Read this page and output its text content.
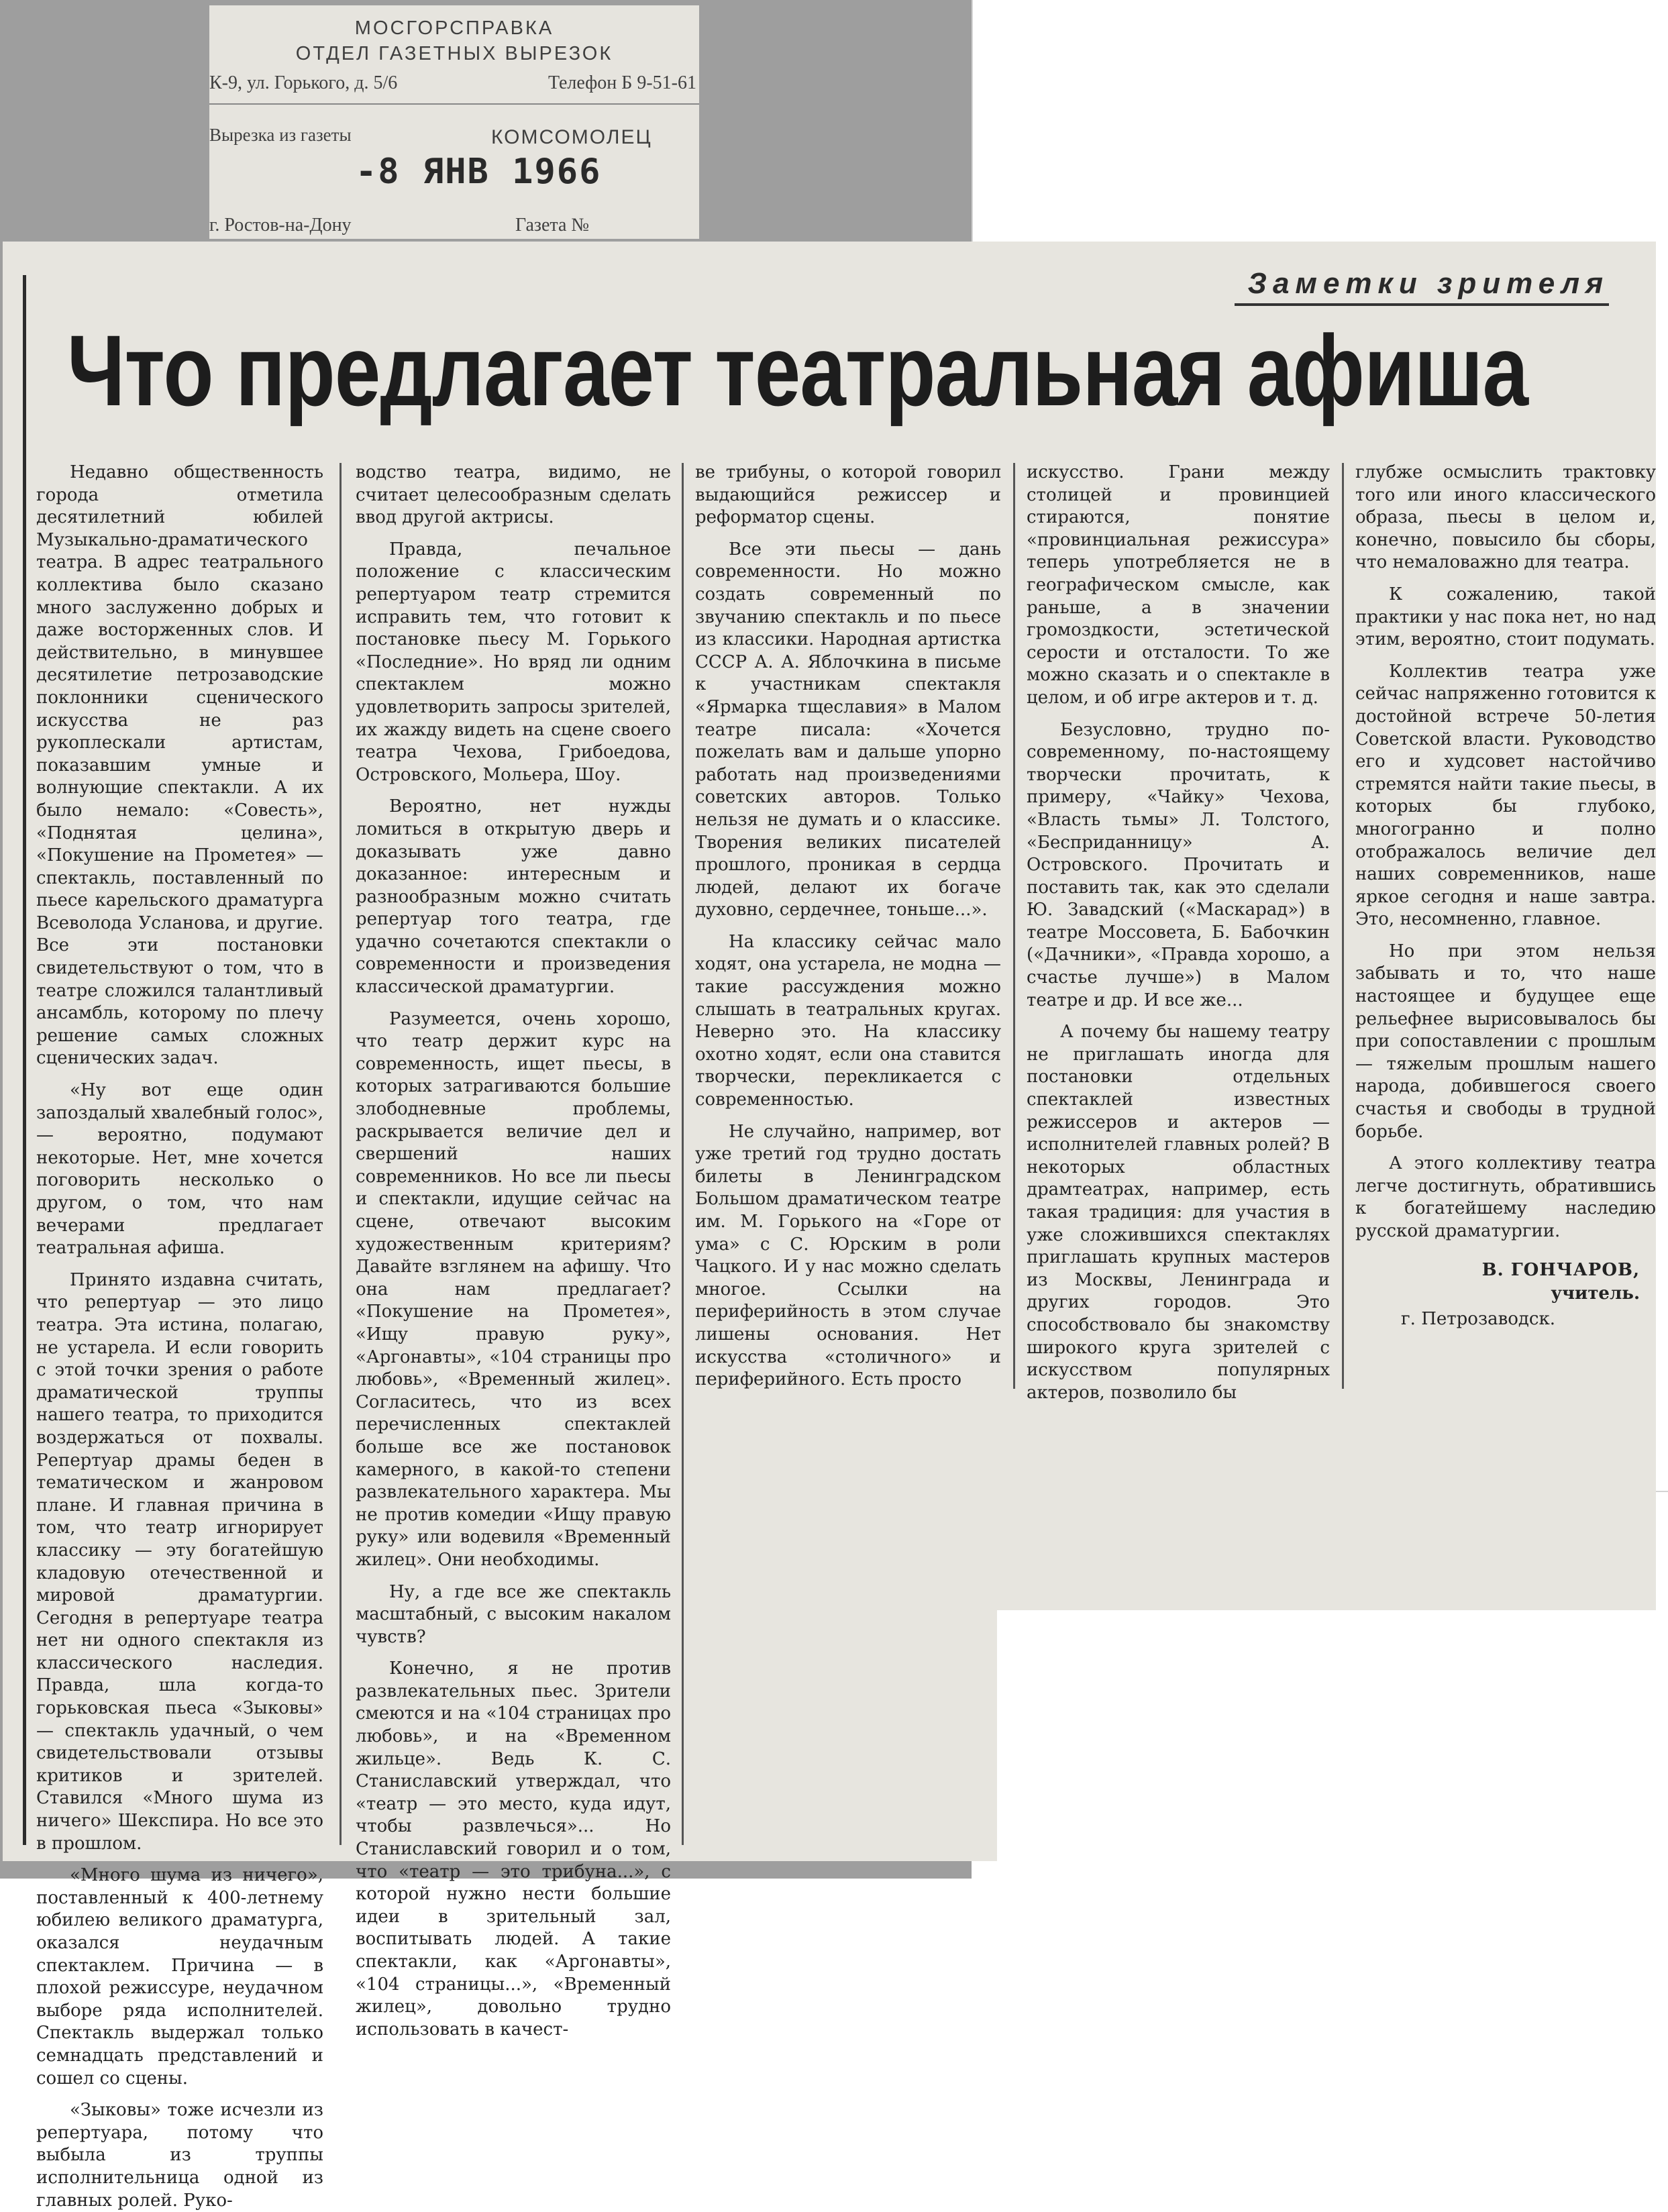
МОСГОРСПРАВКА
ОТДЕЛ ГАЗЕТНЫХ ВЫРЕЗОК
К-9, ул. Горького, д. 5/6	Телефон Б 9-51-61
Вырезка из газеты	КОМСОМОЛЕЦ
-8 ЯНВ 1966
г. Ростов-на-Дону	Газета №
Заметки зрителя
Что предлагает театральная афиша

Недавно общественность города отметила десятилетний юбилей Музыкально-драматического театра. В адрес театрального коллектива было сказано много заслуженно добрых и даже восторженных слов. И действительно, в минувшее десятилетие петрозаводские поклонники сценического искусства не раз рукоплескали артистам, показавшим умные и волнующие спектакли. А их было немало: «Совесть», «Поднятая целина», «Покушение на Прометея» — спектакль, поставленный по пьесе карельского драматурга Всеволода Усланова, и другие. Все эти постановки свидетельствуют о том, что в театре сложился талантливый ансамбль, которому по плечу решение самых сложных сценических задач.

«Ну вот еще один запоздалый хвалебный голос», — вероятно, подумают некоторые. Нет, мне хочется поговорить несколько о другом, о том, что нам вечерами предлагает театральная афиша.

Принято издавна считать, что репертуар — это лицо театра. Эта истина, полагаю, не устарела. И если говорить с этой точки зрения о работе драматической труппы нашего театра, то приходится воздержаться от похвалы. Репертуар драмы беден в тематическом и жанровом плане. И главная причина в том, что театр игнорирует классику — эту богатейшую кладовую отечественной и мировой драматургии. Сегодня в репертуаре театра нет ни одного спектакля из классического наследия. Правда, шла когда-то горьковская пьеса «Зыковы» — спектакль удачный, о чем свидетельствовали отзывы критиков и зрителей. Ставился «Много шума из ничего» Шекспира. Но все это в прошлом.

«Много шума из ничего», поставленный к 400-летнему юбилею великого драматурга, оказался неудачным спектаклем. Причина — в плохой режиссуре, неудачном выборе ряда исполнителей. Спектакль выдержал только семнадцать представлений и сошел со сцены.

«Зыковы» тоже исчезли из репертуара, потому что выбыла из труппы исполнительница одной из главных ролей. Руко-

водство театра, видимо, не считает целесообразным сделать ввод другой актрисы.

Правда, печальное положение с классическим репертуаром театр стремится исправить тем, что готовит к постановке пьесу М. Горького «Последние». Но вряд ли одним спектаклем можно удовлетворить запросы зрителей, их жажду видеть на сцене своего театра Чехова, Грибоедова, Островского, Мольера, Шоу.

Вероятно, нет нужды ломиться в открытую дверь и доказывать уже давно доказанное: интересным и разнообразным можно считать репертуар того театра, где удачно сочетаются спектакли о современности и произведения классической драматургии.

Разумеется, очень хорошо, что театр держит курс на современность, ищет пьесы, в которых затрагиваются большие злободневные проблемы, раскрывается величие дел и свершений наших современников. Но все ли пьесы и спектакли, идущие сейчас на сцене, отвечают высоким художественным критериям? Давайте взглянем на афишу. Что она нам предлагает? «Покушение на Прометея», «Ищу правую руку», «Аргонавты», «104 страницы про любовь», «Временный жилец». Согласитесь, что из всех перечисленных спектаклей больше все же постановок камерного, в какой-то степени развлекательного характера. Мы не против комедии «Ищу правую руку» или водевиля «Временный жилец». Они необходимы.

Ну, а где все же спектакль масштабный, с высоким накалом чувств?

Конечно, я не против развлекательных пьес. Зрители смеются и на «104 страницах про любовь», и на «Временном жильце». Ведь К. С. Станиславский утверждал, что «театр — это место, куда идут, чтобы развлечься»... Но Станиславский говорил и о том, что «театр — это трибуна...», с которой нужно нести большие идеи в зрительный зал, воспитывать людей. А такие спектакли, как «Аргонавты», «104 страницы...», «Временный жилец», довольно трудно использовать в качест-

ве трибуны, о которой говорил выдающийся режиссер и реформатор сцены.

Все эти пьесы — дань современности. Но можно создать современный по звучанию спектакль и по пьесе из классики. Народная артистка СССР А. А. Яблочкина в письме к участникам спектакля «Ярмарка тщеславия» в Малом театре писала: «Хочется пожелать вам и дальше упорно работать над произведениями советских авторов. Только нельзя не думать и о классике. Творения великих писателей прошлого, проникая в сердца людей, делают их богаче духовно, сердечнее, тоньше...».

На классику сейчас мало ходят, она устарела, не модна — такие рассуждения можно слышать в театральных кругах. Неверно это. На классику охотно ходят, если она ставится творчески, перекликается с современностью.

Не случайно, например, вот уже третий год трудно достать билеты в Ленинградском Большом драматическом театре им. М. Горького на «Горе от ума» с С. Юрским в роли Чацкого. И у нас можно сделать многое. Ссылки на периферийность в этом случае лишены основания. Нет искусства «столичного» и периферийного. Есть просто

искусство. Грани между столицей и провинцией стираются, понятие «провинциальная режиссура» теперь употребляется не в географическом смысле, как раньше, а в значении громоздкости, эстетической серости и отсталости. То же можно сказать и о спектакле в целом, и об игре актеров и т. д.

Безусловно, трудно по-современному, по-настоящему творчески прочитать, к примеру, «Чайку» Чехова, «Власть тьмы» Л. Толстого, «Бесприданницу» А. Островского. Прочитать и поставить так, как это сделали Ю. Завадский («Маскарад») в театре Моссовета, Б. Бабочкин («Дачники», «Правда хорошо, а счастье лучше») в Малом театре и др. И все же...

А почему бы нашему театру не приглашать иногда для постановки отдельных спектаклей известных режиссеров и актеров — исполнителей главных ролей? В некоторых областных драмтеатрах, например, есть такая традиция: для участия в уже сложившихся спектаклях приглашать крупных мастеров из Москвы, Ленинграда и других городов. Это способствовало бы знакомству широкого круга зрителей с искусством популярных актеров, позволило бы

глубже осмыслить трактовку того или иного классического образа, пьесы в целом и, конечно, повысило бы сборы, что немаловажно для театра.

К сожалению, такой практики у нас пока нет, но над этим, вероятно, стоит подумать.

Коллектив театра уже сейчас напряженно готовится к достойной встрече 50-летия Советской власти. Руководство его и худсовет настойчиво стремятся найти такие пьесы, в которых бы глубоко, многогранно и полно отображалось величие дел наших современников, наше яркое сегодня и наше завтра. Это, несомненно, главное.

Но при этом нельзя забывать и то, что наше настоящее и будущее еще рельефнее вырисовывалось бы при сопоставлении с прошлым — тяжелым прошлым нашего народа, добившегося своего счастья и свободы в трудной борьбе.

А этого коллективу театра легче достигнуть, обратившись к богатейшему наследию русской драматургии.

В. ГОНЧАРОВ,
учитель.
г. Петрозаводск.
